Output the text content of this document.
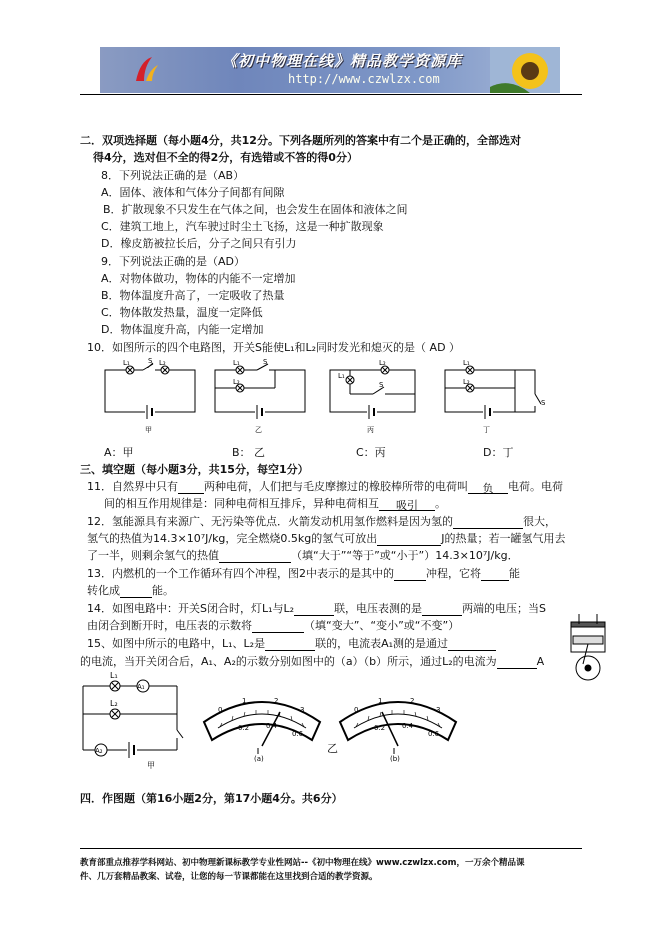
《初中物理在线》精品教学资源库
http://www.czwlzx.com
二．双项选择题（每小题4分，共12分。下列各题所列的答案中有二个是正确的，全部选对
得4分，选对但不全的得2分，有选错或不答的得0分）
8．下列说法正确的是（AB）
A．固体、液体和气体分子间都有间隙
B．扩散现象不只发生在气体之间，也会发生在固体和液体之间
C．建筑工地上，汽车驶过时尘土飞扬，这是一种扩散现象
D．橡皮筋被拉长后，分子之间只有引力
9．下列说法正确的是（AD）
A．对物体做功，物体的内能不一定增加
B．物体温度升高了，一定吸收了热量
C．物体散发热量，温度一定降低
D．物体温度升高，内能一定增加
10．如图所示的四个电路图，开关S能使L₁和L₂同时发光和熄灭的是（ AD ）
L₁	L₂
S	L₁
L₂
S
L₁
L₂
S
L₁
L₂
S
甲	乙	丙	丁
A：甲	B： 乙	C：丙	D：丁
三、填空题（每小题3分，共15分，每空1分）
11．自然界中只有 两种电荷，人们把与毛皮摩擦过的橡胶棒所带的电荷叫 负 电荷。电荷
间的相互作用规律是：同种电荷相互排斥，异种电荷相互 吸引 。
12．氢能源具有来源广、无污染等优点．火箭发动机用氢作燃料是因为氢的	很大，
氢气的热值为14.3×10⁷J/kg，完全燃烧0.5kg的氢气可放出	J的热量；若一罐氢气用去
了一半，则剩余氢气的热值	（填“大于”“等于”或“小于”）14.3×10⁷J/kg．
13．内燃机的一个工作循环有四个冲程，图2中表示的是其中的	冲程，它将	能
转化成	能。
14．如图电路中：开关S闭合时，灯L₁与L₂	联，电压表测的是	两端的电压；当S
由闭合到断开时，电压表的示数将	（填“变大”、“变小”或“不变”）
15、如图中所示的电路中，L₁、L₂是	联的，电流表A₁测的是通过
的电流，当开关闭合后，A₁、A₂的示数分别如图中的（a）（b）所示，通过L₂的电流为	A
L₁
L₂
A₁
A₂
甲
0
1	2
3
0.2 0.4
0.6
(a)
乙
0
1	2
3
0.2 0.4
0.6
(b)
四．作图题（第16小题2分，第17小题4分。共6分）
教育部重点推荐学科网站、初中物理新课标教学专业性网站--《初中物理在线》www.czwlzx.com，一万余个精品课
件、几万套精品教案、试卷，让您的每一节课都能在这里找到合适的教学资源。
